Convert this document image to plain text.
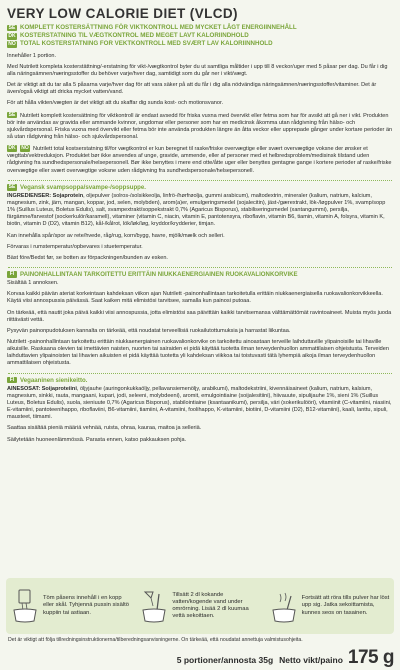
VERY LOW CALORIE DIET (VLCD)
SE KOMPLETT KOSTERSÄTTNING FÖR VIKTKONTROLL MED MYCKET LÅGT ENERGIINNEHÅLL
DK KOSTERSTATNING TIL VÆGTKONTROL MED MEGET LAVT KALORIINDHOLD
NO TOTAL KOSTERSTATNING FOR VEKTKONTROLL MED SVÆRT LAV KALORIINNHOLD
Innehåller 1 portion.
Med Nutrilett kompleta kosterstättning/-erstatning för vikt-/vægtkontrol byter du ut samtliga måltider i upp till 8 veckor/uger med 5 påsar per dag. Du får i dig alla näringsämnen/næringsstoffer du behöver varje/hver dag, samtidigt som du går ner i vikt/vægt.
Det är viktigt att du tar alla 5 påsarna varje/hver dag för att vara säker på att du får i dig alla nödvändiga näringsämnen/næringsstoffer/vitaminer. Det är även/også viktigt att dricka mycket vatten/vand.
För att hålla vikten/vægten är det viktigt att du skaffar dig sunda kost- och motionsvanor.
SE Nutrilett komplett kostersättning för viktkontroll är endast avsedd för friska vuxna med övervikt eller fetma som har för avsikt att gå ner i vikt. Produkten bör inte användas av gravida eller ammande kvinnor, ungdomar eller personer som har en medicinsk åkomma utan rådgivning från hälso- och sjukvårdspersonal. Friska vuxna med övervikt eller fetma bör inte använda produkten längre än åtta veckor eller upprepade gånger under kortare perioder än så utan rådgivning från hälso- och sjukvårdspersonal.
DK NO Nutrilett total kostserstatning til/for vægtkontrol er kun beregnet til raske/friske overvægtige eller svært overvægtige voksne der ønsker et vægttab/vektreduksjon. Produktet bør ikke anvendes af unge, gravide, ammende, eller af personer med et helbredsproblem/medisinsk tilstand uden rådgivning fra sundhedspersonale/helsepersonell. Bør ikke benyttes i mere end otte/åtte uger eller benyttes gentagne gange i kortere perioder af raske/friske overvægtige eller svært overvægtige voksne uden rådgivning fra sundhedspersonale/helsepersonell.
SE Vegansk svampsoppa/svampe-/soppsuppe.
INGREDIENSER: Sojaprotein, oljepulver (solros-/solsikkeolja, linfrö-/hørfrøolja, gummi arabicum), maltodextrin, mineraler (kalium, natrium, kalcium, magnesium, zink, järn, mangan, koppar, jod, selen, molybden), arom(a)er, emulgeringsmedel (sojalecitin), jäst-/gærextrakt, lök-/løgpulver 1%, svamp/sopp 1% (Suillus Luteus, Boletus Edulis), salt, svampextrakt/soppekstrakt 0,7% (Agaricus Bisporus), stabiliseringsmedel (xantangummi), persilja, färgämne/farvestof (sockerkulör/karamell), vitaminer (vitamin C, niacin, vitamin E, pantotensyra, riboflavin, vitamin B6, tiamin, vitamin A, folsyra, vitamin K, biotin, vitamin D (D2), vitamin B12), kål-/kålrot, lök/løk/løg, kryddor/krydderier, timjan.
Kan innehålla spår/spor av rete/hvede, råg/rug, korn/bygg, havre, mjölk/mælk och selleri.
Förvaras i rumstemperatur/opbevares i stuetemperatur.
Bäst före/Bedst før, se botten av förpackningen/bunden av esken.
FI PAINONHALLINTAAN TARKOITETTU ERITTÄIN NIUKKAENERGIAINEN RUOKAVALIONKORVIKE
Sisältää 1 annoksen.
Korvaa kaikki päivän ateriat korkeintaan kahdeksan viikon ajan Nutrilett -painonhallintaan tarkoitetulla erittäin niukkaenergiaisella ruokavalionkorvikkeella. Käytä viisi annospussia päivässä. Saat kaiken mitä elimistösi tarvitsee, samalla kun painosi putoaa.
On tärkeää, että nautit joka päivä kaikki viisi annospussia, jotta elimistösi saa päivittäin kaikki tarvitsemansa välttämättömät ravintoaineet. Muista myös juoda riittävästi vettä.
Pysyvän painonpudotuksen kannalta on tärkeää, että noudatat terveellisiä ruokailutottumuksia ja harrastat liikuntaa.
Nutrilett -painonhallintaan tarkoitettu erittäin niukkaenergiainen ruokavalionkorvike on tarkoitettu ainoastaan terveille laihduttaville ylipainoisille tai lihaville aikuisille. Raskaana olevien tai imettävien naisten, nuorten tai sairaiden ei pidä käyttää tuotetta ilman terveydenhuollon ammattilaisen ohjeistusta. Terveiden laihduttavien ylipainoisten tai lihavien aikuisten ei pidä käyttää tuotetta yli kahdeksan viikkoa tai toistuvasti tätä lyhempiä aikoja ilman terveydenhuollon ammattilaisen ohjeistusta.
FI Vegaaninen sienikeitto.
AINESOSAT: Soijaproteiini, öljyjauhe (auringonkukkaöljy, pellavansiemenöljy, arabikumi), maltodekstriini, kivennäisaineet (kalium, natrium, kalsium, magnesium, sinkki, rauta, mangaani, kupari, jodi, seleeni, molybdeeni), aromit, emulgointiaine (soijalesitiini), hiivauute, sipulijauhe 1%, sieni 1% (Suillus Luteus, Boletus Edulis), suola, sieniuute 0,7% (Agaricus Bisporus), stabilointiaine (ksantaanikumi), persilja, väri (sokerikulööri), vitamiinit (C-vitamiini, niasiini, E-vitamiini, pantoteenihappo, riboflaviini, B6-vitamiini, tiamiini, A-vitamiini, foolihappo, K-vitamiini, biotiini, D-vitamiini (D2), B12-vitamiini), kaali, lanttu, sipuli, mausteet, tiimami.
Saattaa sisältää pieniä määriä vehnää, ruista, ohraa, kauraa, maitoa ja selleriä.
Säilytetään huoneenlämmössä. Parasta ennen, katso pakkauksen pohja.
Töm påsens innehåll i en kopp eller skål. Tyhjennä pussin sisältö kuppiin tai astiaan.
Tillsätt 2 dl kokande vatten/kogende vand under omrörning. Lisää 2 dl kuumaa vettä sekoittaen.
Fortsätt att röra tills pulver har löst upp sig. Jatka sekoittamista, kunnes seos on tasainen.
Det är viktigt att följa tillredningsinstruktionerna/tilberedningsanvisningerne. On tärkeää, että noudatat annettuja valmistusohjeita.
5 portioner/annosta 35g Netto vikt/paino 175 g
